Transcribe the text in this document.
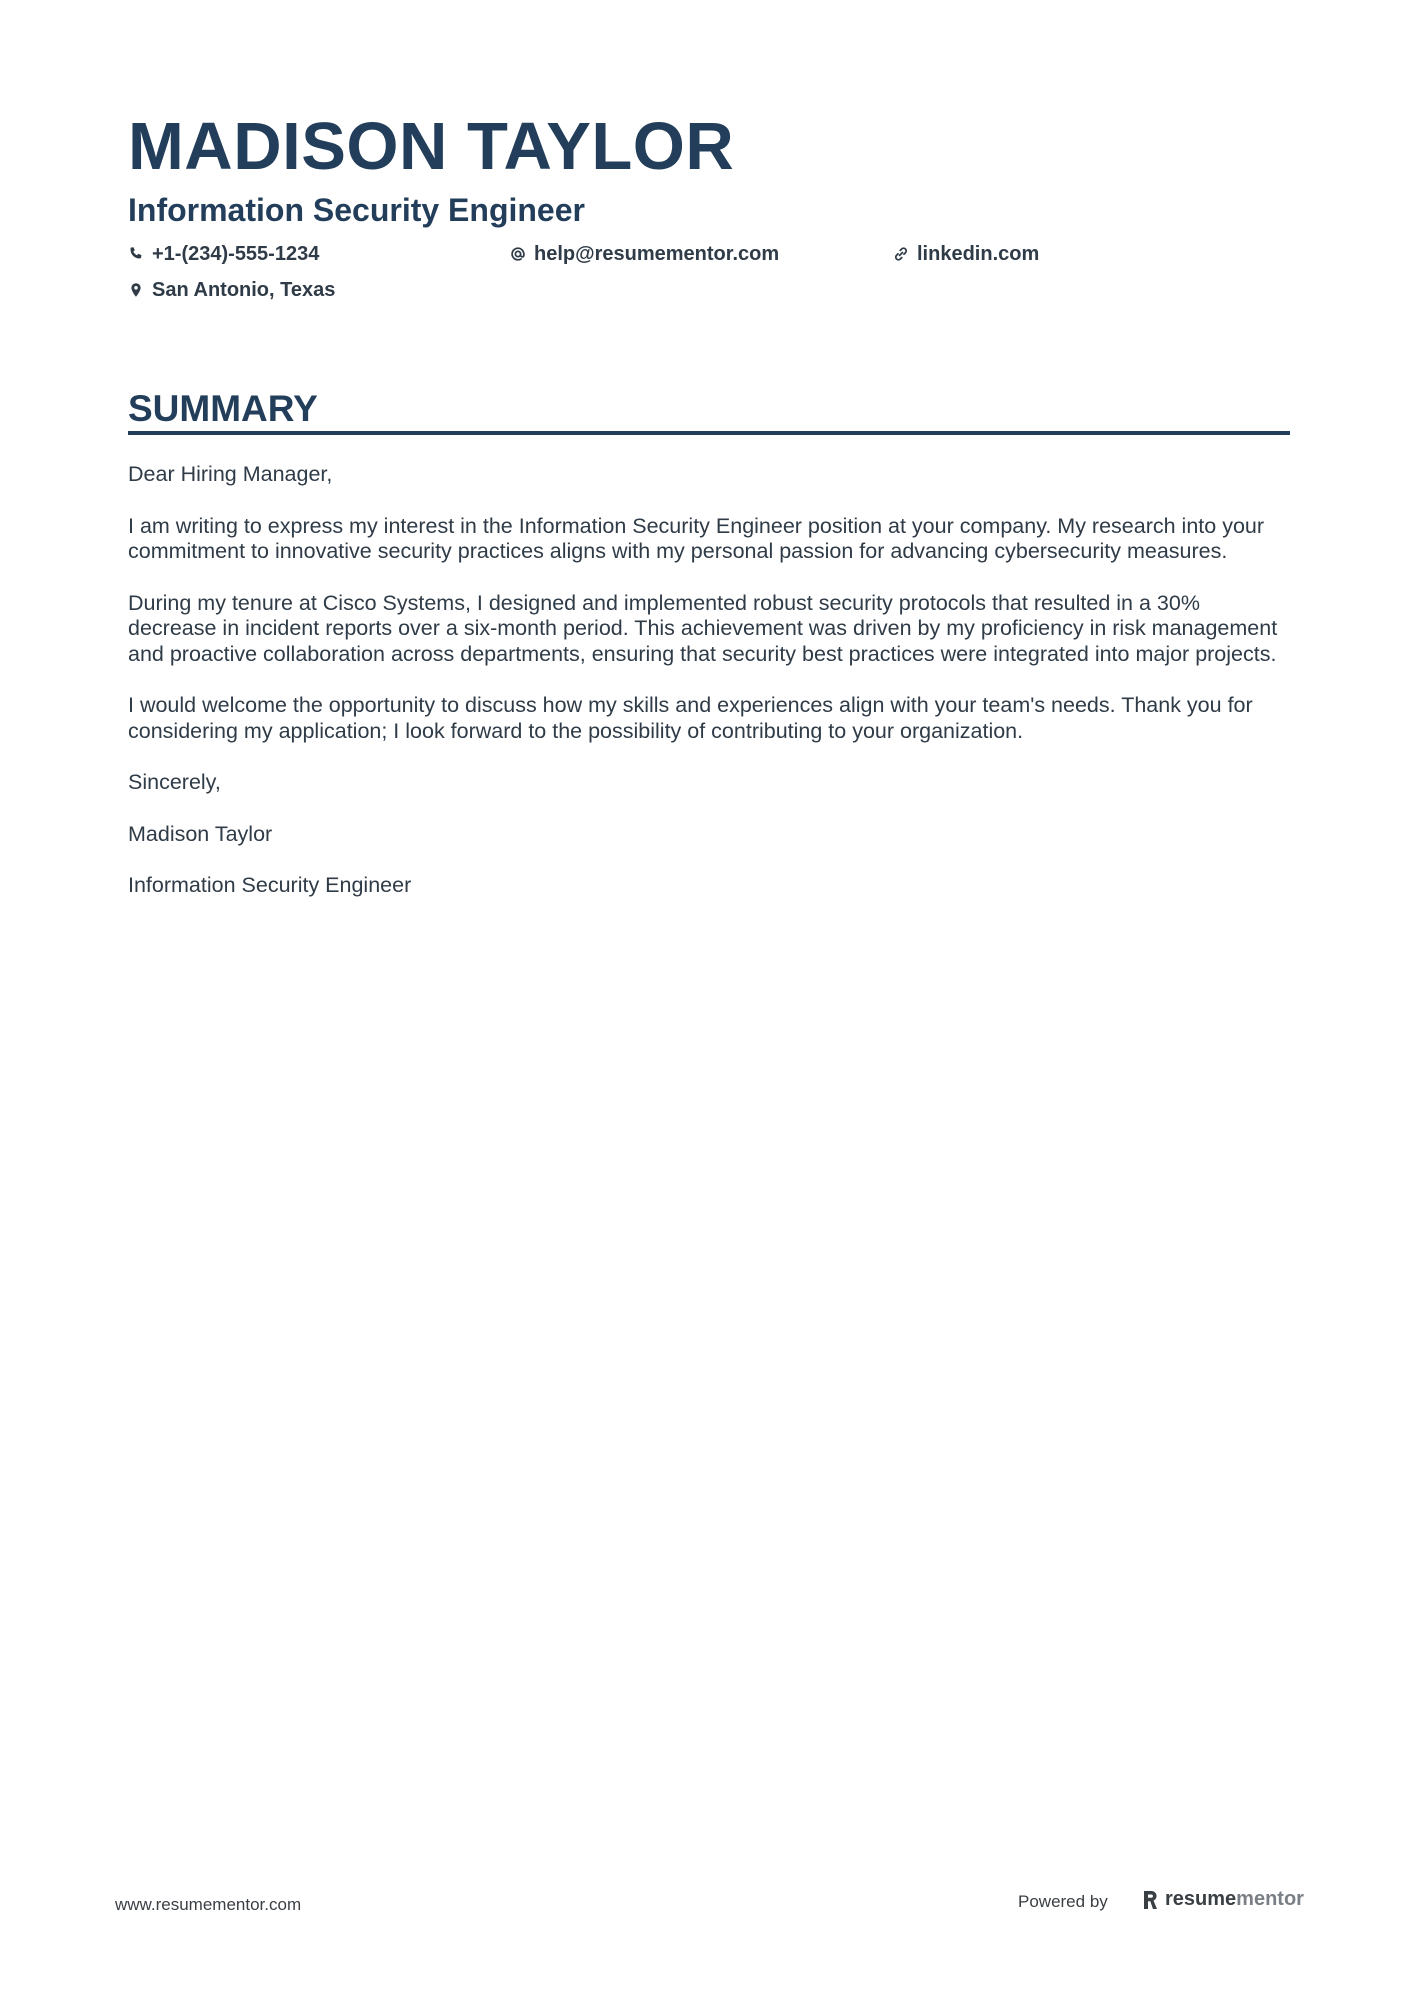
MADISON TAYLOR
Information Security Engineer
+1-(234)-555-1234	help@resumementor.com	linkedin.com
San Antonio, Texas
SUMMARY

Dear Hiring Manager,

I am writing to express my interest in the Information Security Engineer position at your company. My research into your commitment to innovative security practices aligns with my personal passion for advancing cybersecurity measures.

During my tenure at Cisco Systems, I designed and implemented robust security protocols that resulted in a 30% decrease in incident reports over a six-month period. This achievement was driven by my proficiency in risk management and proactive collaboration across departments, ensuring that security best practices were integrated into major projects.

I would welcome the opportunity to discuss how my skills and experiences align with your team's needs. Thank you for considering my application; I look forward to the possibility of contributing to your organization.

Sincerely,

Madison Taylor

Information Security Engineer

www.resumementor.com	Powered by	resume mentor
